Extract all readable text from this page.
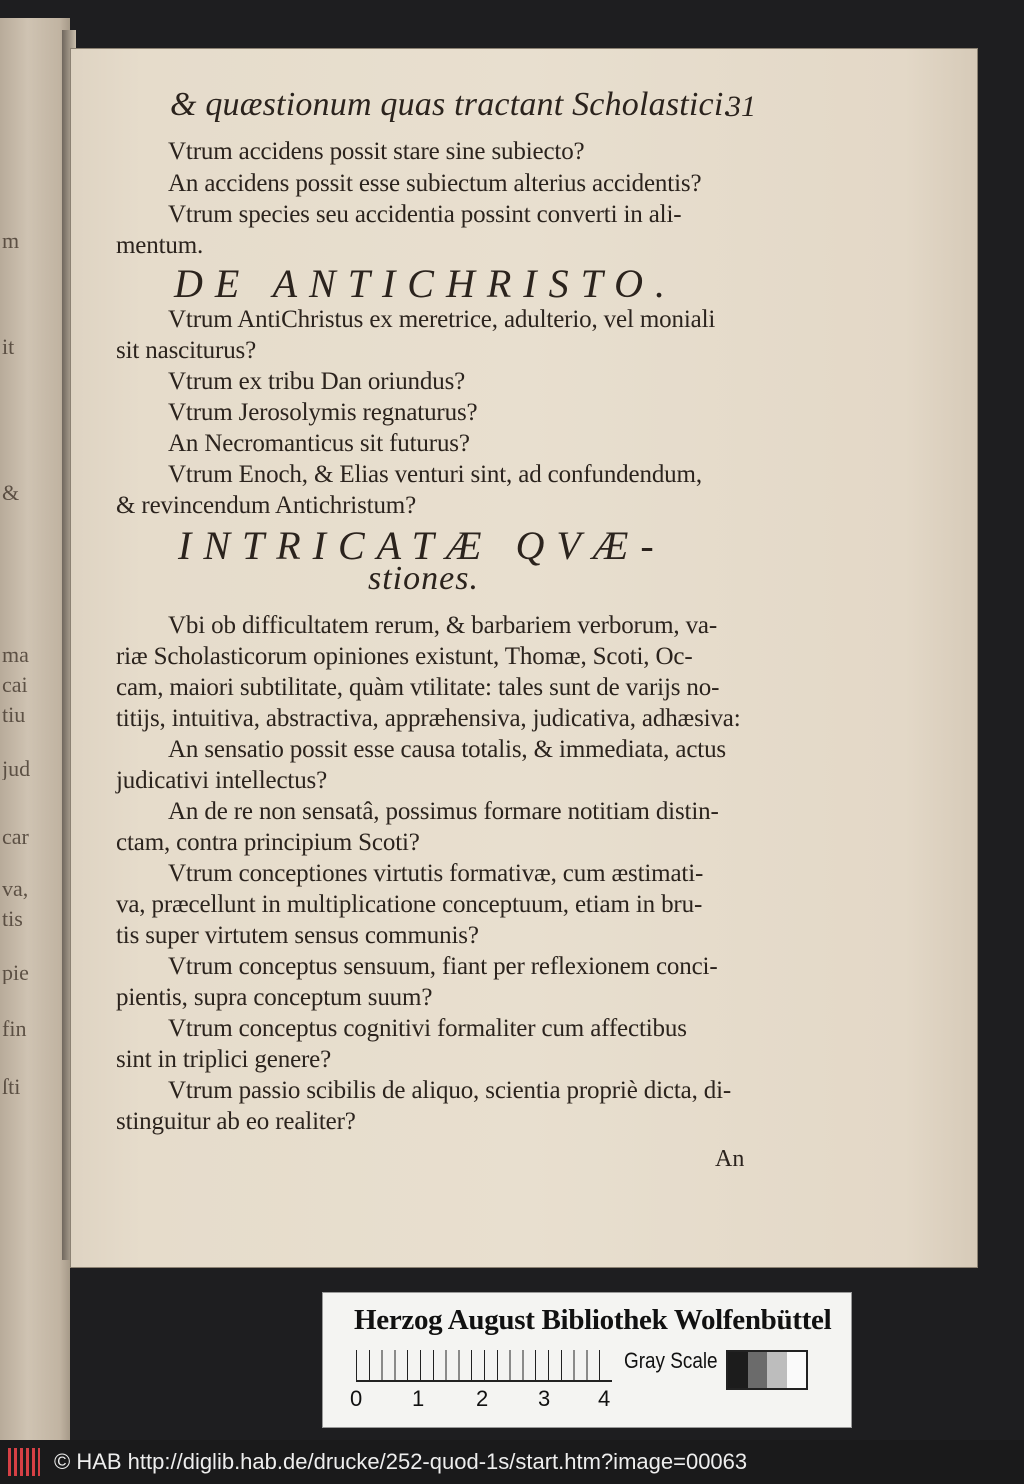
m
it
&
ma
cai
tiu
jud
car
va,
tis
pie
fin
ſti
& quæstionum quas tractant Scholastici.
31
Vtrum accidens possit stare sine subiecto?
An accidens possit esse subiectum alterius accidentis?
Vtrum species seu accidentia possint converti in ali-
mentum.
DE ANTICHRISTO.
Vtrum AntiChristus ex meretrice, adulterio, vel moniali
sit nasciturus?
Vtrum ex tribu Dan oriundus?
Vtrum Jerosolymis regnaturus?
An Necromanticus sit futurus?
Vtrum Enoch, & Elias venturi sint, ad confundendum,
& revincendum Antichristum?
INTRICATÆ QVÆ-
stiones.
Vbi ob difficultatem rerum, & barbariem verborum, va-
riæ Scholasticorum opiniones existunt, Thomæ, Scoti, Oc-
cam, maiori subtilitate, quàm vtilitate: tales sunt de varijs no-
titijs, intuitiva, abstractiva, appræhensiva, judicativa, adhæsiva:
An sensatio possit esse causa totalis, & immediata, actus
judicativi intellectus?
An de re non sensatâ, possimus formare notitiam distin-
ctam, contra principium Scoti?
Vtrum conceptiones virtutis formativæ, cum æstimati-
va, præcellunt in multiplicatione conceptuum, etiam in bru-
tis super virtutem sensus communis?
Vtrum conceptus sensuum, fiant per reflexionem conci-
pientis, supra conceptum suum?
Vtrum conceptus cognitivi formaliter cum affectibus
sint in triplici genere?
Vtrum passio scibilis de aliquo, scientia propriè dicta, di-
stinguitur ab eo realiter?
An
Herzog August Bibliothek Wolfenbüttel
0 1 2 3 4
Gray Scale
© HAB http://diglib.hab.de/drucke/252-quod-1s/start.htm?image=00063
